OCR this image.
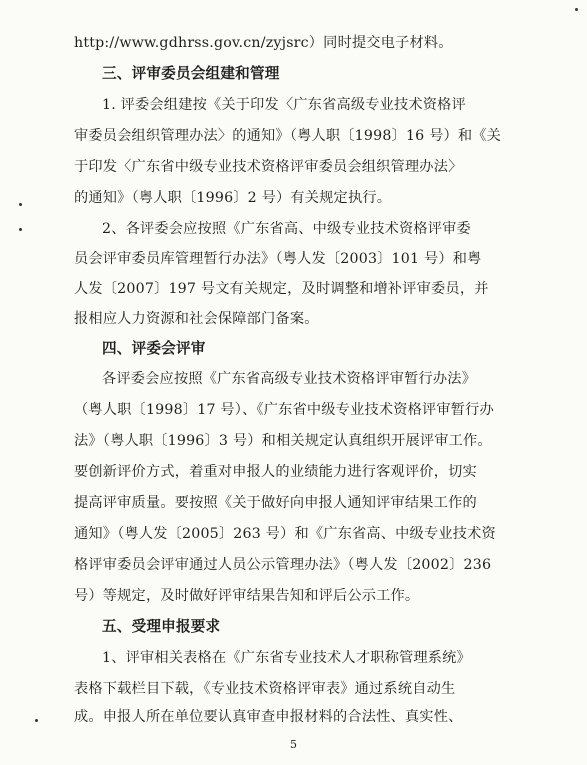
http://www.gdhrss.gov.cn/zyjsrc）同时提交电子材料。
三、评审委员会组建和管理
1. 评委会组建按《关于印发〈广东省高级专业技术资格评
审委员会组织管理办法〉的通知》（粤人职〔1998〕16 号）和《关
于印发〈广东省中级专业技术资格评审委员会组织管理办法〉
的通知》（粤人职〔1996〕2 号）有关规定执行。
2、各评委会应按照《广东省高、中级专业技术资格评审委
员会评审委员库管理暂行办法》（粤人发〔2003〕101 号）和粤
人发〔2007〕197 号文有关规定，及时调整和增补评审委员，并
报相应人力资源和社会保障部门备案。
四、评委会评审
各评委会应按照《广东省高级专业技术资格评审暂行办法》
（粤人职〔1998〕17 号）、《广东省中级专业技术资格评审暂行办
法》（粤人职〔1996〕3 号）和相关规定认真组织开展评审工作。
要创新评价方式，着重对申报人的业绩能力进行客观评价，切实
提高评审质量。要按照《关于做好向申报人通知评审结果工作的
通知》（粤人发〔2005〕263 号）和《广东省高、中级专业技术资
格评审委员会评审通过人员公示管理办法》（粤人发〔2002〕236
号）等规定，及时做好评审结果告知和评后公示工作。
五、受理申报要求
1、评审相关表格在《广东省专业技术人才职称管理系统》
表格下载栏目下载，《专业技术资格评审表》通过系统自动生
成。申报人所在单位要认真审查申报材料的合法性、真实性、
5
